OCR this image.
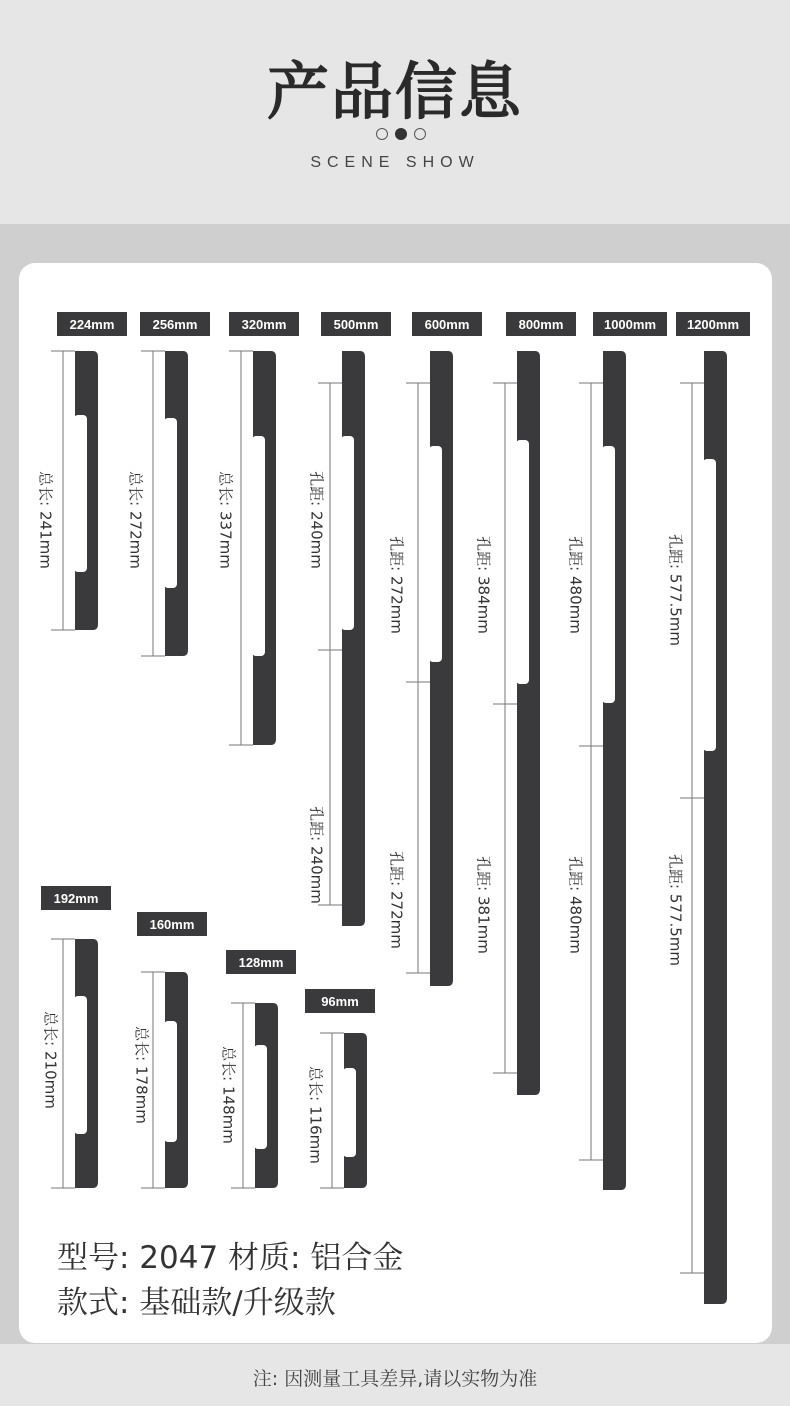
产品信息
SCENE SHOW
224mm
总长: 241mm
256mm
总长: 272mm
320mm
总长: 337mm
500mm
孔距: 240mm
孔距: 240mm
600mm
孔距: 272mm
孔距: 272mm
800mm
孔距: 384mm
孔距: 381mm
1000mm
孔距: 480mm
孔距: 480mm
1200mm
孔距: 577.5mm
孔距: 577.5mm
192mm
总长: 210mm
160mm
总长: 178mm
128mm
总长: 148mm
96mm
总长: 116mm
型号: 2047 材质: 铝合金
款式: 基础款/升级款
注: 因测量工具差异,请以实物为准
